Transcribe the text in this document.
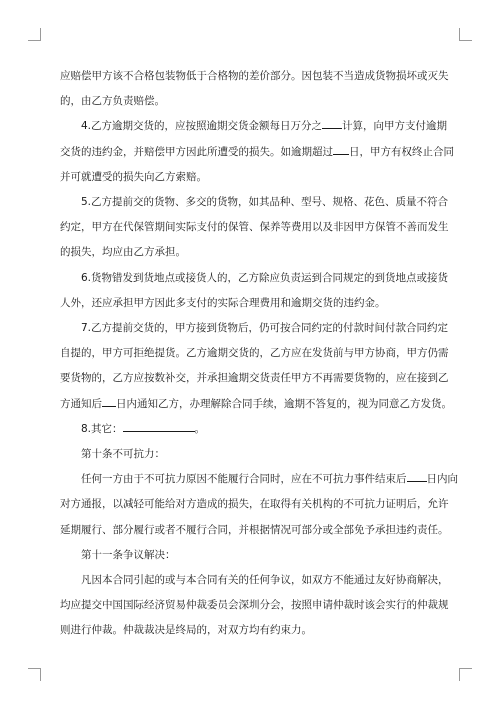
应赔偿甲方该不合格包装物低于合格物的差价部分。因包装不当造成货物损坏或灭失

的，由乙方负责赔偿。

4.乙方逾期交货的，应按照逾期交货金额每日万分之 计算，向甲方支付逾期

交货的违约金，并赔偿甲方因此所遭受的损失。如逾期超过 日，甲方有权终止合同

并可就遭受的损失向乙方索赔。

5.乙方提前交的货物、多交的货物，如其品种、型号、规格、花色、质量不符合

约定，甲方在代保管期间实际支付的保管、保养等费用以及非因甲方保管不善而发生

的损失，均应由乙方承担。

6.货物错发到货地点或接货人的，乙方除应负责运到合同规定的到货地点或接货

人外，还应承担甲方因此多支付的实际合理费用和逾期交货的违约金。

7.乙方提前交货的，甲方接到货物后，仍可按合同约定的付款时间付款合同约定

自提的，甲方可拒绝提货。乙方逾期交货的，乙方应在发货前与甲方协商，甲方仍需

要货物的，乙方应按数补交，并承担逾期交货责任甲方不再需要货物的，应在接到乙

方通知后 日内通知乙方，办理解除合同手续，逾期不答复的，视为同意乙方发货。

8.其它：	。

第十条不可抗力：

任何一方由于不可抗力原因不能履行合同时，应在不可抗力事件结束后 日内向

对方通报，以减轻可能给对方造成的损失，在取得有关机构的不可抗力证明后，允许

延期履行、部分履行或者不履行合同，并根据情况可部分或全部免予承担违约责任。

第十一条争议解决：

凡因本合同引起的或与本合同有关的任何争议，如双方不能通过友好协商解决，

均应提交中国国际经济贸易仲裁委员会深圳分会，按照申请仲裁时该会实行的仲裁规

则进行仲裁。仲裁裁决是终局的，对双方均有约束力。
